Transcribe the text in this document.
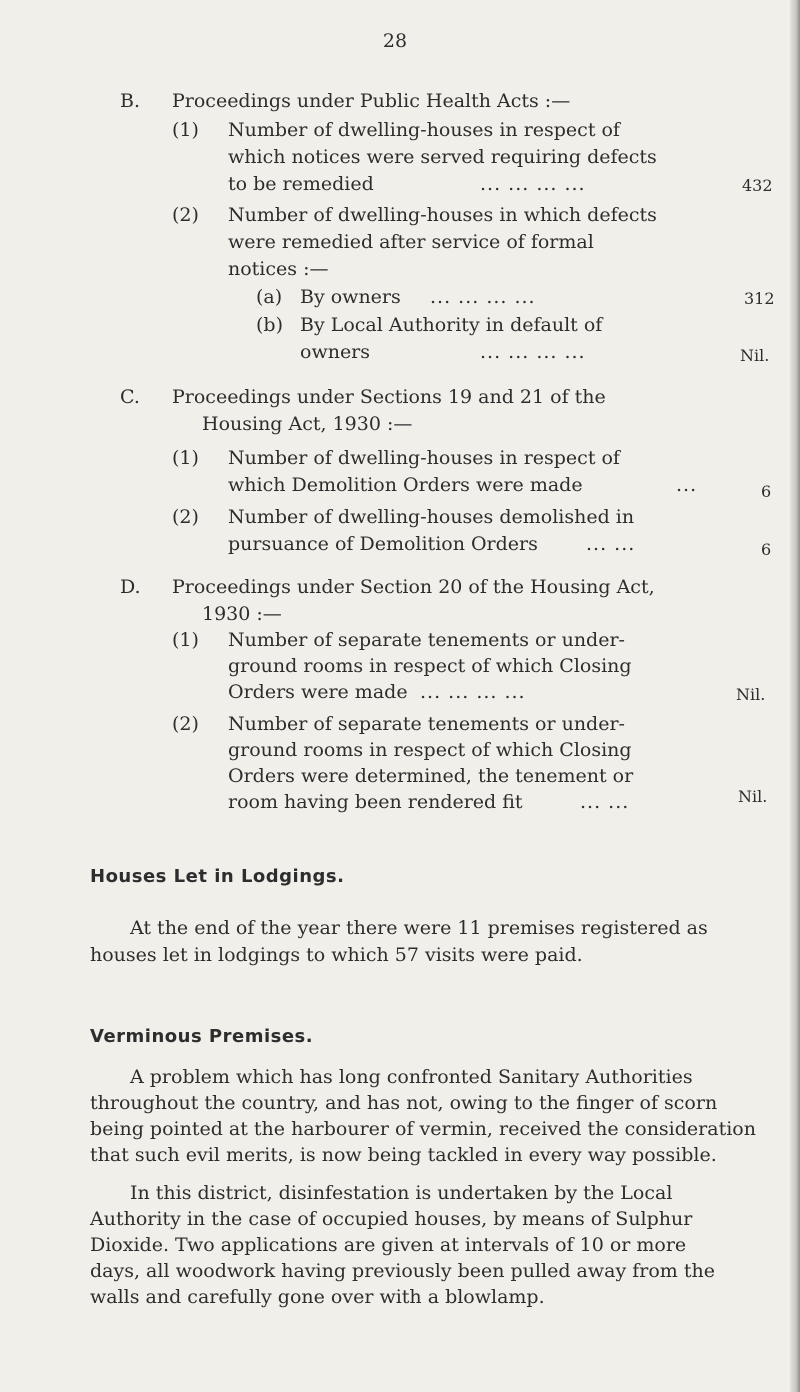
28
B. Proceedings under Public Health Acts :—
(1) Number of dwelling-houses in respect of
which notices were served requiring defects
to be remedied	... ... ... ...	432
(2) Number of dwelling-houses in which defects
were remedied after service of formal
notices :—
(a) By owners ... ... ... ...	312
(b) By Local Authority in default of
owners	... ... ... ...	Nil.
C. Proceedings under Sections 19 and 21 of the
Housing Act, 1930 :—
(1) Number of dwelling-houses in respect of
which Demolition Orders were made	...	6
(2) Number of dwelling-houses demolished in
pursuance of Demolition Orders	... ...	6
D. Proceedings under Section 20 of the Housing Act,
1930 :—
(1) Number of separate tenements or under-
ground rooms in respect of which Closing
Orders were made ... ... ... ...	Nil.
(2) Number of separate tenements or under-
ground rooms in respect of which Closing
Orders were determined, the tenement or
room having been rendered fit	... ...	Nil.
Houses Let in Lodgings.
At the end of the year there were 11 premises registered as
houses let in lodgings to which 57 visits were paid.
Verminous Premises.
A problem which has long confronted Sanitary Authorities
throughout the country, and has not, owing to the finger of scorn
being pointed at the harbourer of vermin, received the consideration
that such evil merits, is now being tackled in every way possible.
In this district, disinfestation is undertaken by the Local
Authority in the case of occupied houses, by means of Sulphur
Dioxide. Two applications are given at intervals of 10 or more
days, all woodwork having previously been pulled away from the
walls and carefully gone over with a blowlamp.
